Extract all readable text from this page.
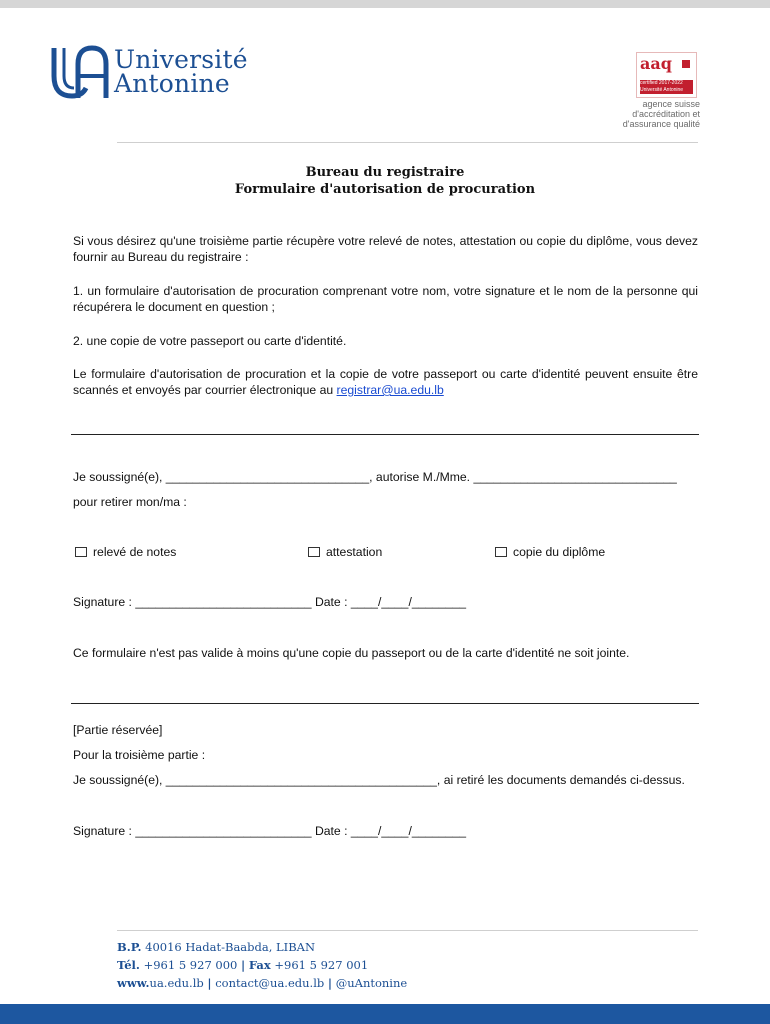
Université
Antonine
aaq
certified 2017-2022 Université Antonine
agence suisse
d'accréditation et
d'assurance qualité
Bureau du registraire
Formulaire d'autorisation de procuration
Si vous désirez qu'une troisième partie récupère votre relevé de notes, attestation ou copie du diplôme, vous devez fournir au Bureau du registraire :
1. un formulaire d'autorisation de procuration comprenant votre nom, votre signature et le nom de la personne qui récupérera le document en question ;
2. une copie de votre passeport ou carte d'identité.
Le formulaire d'autorisation de procuration et la copie de votre passeport ou carte d'identité peuvent ensuite être scannés et envoyés par courrier électronique au registrar@ua.edu.lb
Je soussigné(e), ______________________________, autorise M./Mme. ______________________________
pour retirer mon/ma :
relevé de notes	attestation	copie du diplôme
Signature : __________________________ Date : ____/____/________
Ce formulaire n'est pas valide à moins qu'une copie du passeport ou de la carte d'identité ne soit jointe.
[Partie réservée]
Pour la troisième partie :
Je soussigné(e), ________________________________________, ai retiré les documents demandés ci-dessus.
Signature : __________________________ Date : ____/____/________
B.P. 40016 Hadat-Baabda, LIBAN
Tél. +961 5 927 000 | Fax +961 5 927 001
www.ua.edu.lb | contact@ua.edu.lb | @uAntonine
